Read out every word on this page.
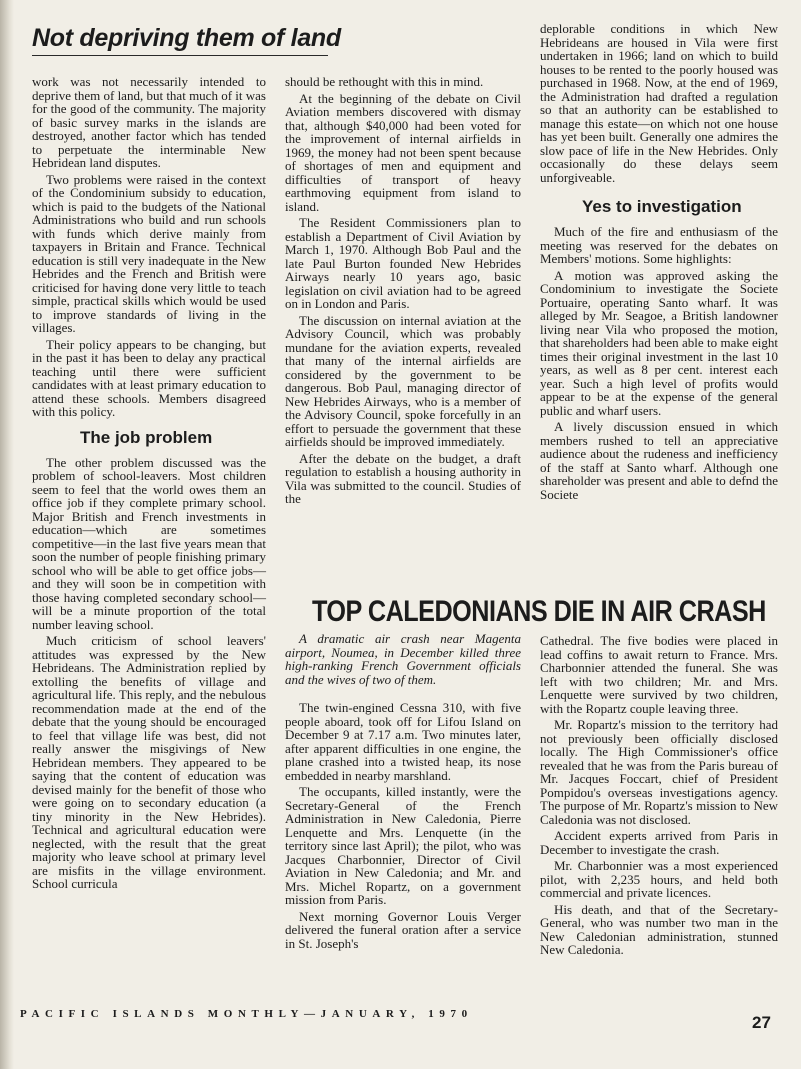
Not depriving them of land

work was not necessarily intended to deprive them of land, but that much of it was for the good of the community. The majority of basic survey marks in the islands are destroyed, another factor which has tended to perpetuate the interminable New Hebridean land disputes.

Two problems were raised in the context of the Condominium subsidy to education, which is paid to the budgets of the National Administrations who build and run schools with funds which derive mainly from taxpayers in Britain and France. Technical education is still very inadequate in the New Hebrides and the French and British were criticised for having done very little to teach simple, practical skills which would be used to improve standards of living in the villages.

Their policy appears to be changing, but in the past it has been to delay any practical teaching until there were sufficient candidates with at least primary education to attend these schools. Members disagreed with this policy.

The job problem

The other problem discussed was the problem of school-leavers. Most children seem to feel that the world owes them an office job if they complete primary school. Major British and French investments in education—which are sometimes competitive—in the last five years mean that soon the number of people finishing primary school who will be able to get office jobs—and they will soon be in competition with those having completed secondary school—will be a minute proportion of the total number leaving school.

Much criticism of school leavers' attitudes was expressed by the New Hebrideans. The Administration replied by extolling the benefits of village and agricultural life. This reply, and the nebulous recommendation made at the end of the debate that the young should be encouraged to feel that village life was best, did not really answer the misgivings of New Hebridean members. They appeared to be saying that the content of education was devised mainly for the benefit of those who were going on to secondary education (a tiny minority in the New Hebrides). Technical and agricultural education were neglected, with the result that the great majority who leave school at primary level are misfits in the village environment. School curricula

should be rethought with this in mind.

At the beginning of the debate on Civil Aviation members discovered with dismay that, although $40,000 had been voted for the improvement of internal airfields in 1969, the money had not been spent because of shortages of men and equipment and difficulties of transport of heavy earthmoving equipment from island to island.

The Resident Commissioners plan to establish a Department of Civil Aviation by March 1, 1970. Although Bob Paul and the late Paul Burton founded New Hebrides Airways nearly 10 years ago, basic legislation on civil aviation had to be agreed on in London and Paris.

The discussion on internal aviation at the Advisory Council, which was probably mundane for the aviation experts, revealed that many of the internal airfields are considered by the government to be dangerous. Bob Paul, managing director of New Hebrides Airways, who is a member of the Advisory Council, spoke forcefully in an effort to persuade the government that these airfields should be improved immediately.

After the debate on the budget, a draft regulation to establish a housing authority in Vila was submitted to the council. Studies of the

deplorable conditions in which New Hebrideans are housed in Vila were first undertaken in 1966; land on which to build houses to be rented to the poorly housed was purchased in 1968. Now, at the end of 1969, the Administration had drafted a regulation so that an authority can be established to manage this estate—on which not one house has yet been built. Generally one admires the slow pace of life in the New Hebrides. Only occasionally do these delays seem unforgiveable.

Yes to investigation

Much of the fire and enthusiasm of the meeting was reserved for the debates on Members' motions. Some highlights:

A motion was approved asking the Condominium to investigate the Societe Portuaire, operating Santo wharf. It was alleged by Mr. Seagoe, a British landowner living near Vila who proposed the motion, that shareholders had been able to make eight times their original investment in the last 10 years, as well as 8 per cent. interest each year. Such a high level of profits would appear to be at the expense of the general public and wharf users.

A lively discussion ensued in which members rushed to tell an appreciative audience about the rudeness and inefficiency of the staff at Santo wharf. Although one shareholder was present and able to defnd the Societe

TOP CALEDONIANS DIE IN AIR CRASH

A dramatic air crash near Magenta airport, Noumea, in December killed three high-ranking French Government officials and the wives of two of them.

The twin-engined Cessna 310, with five people aboard, took off for Lifou Island on December 9 at 7.17 a.m. Two minutes later, after apparent difficulties in one engine, the plane crashed into a twisted heap, its nose embedded in nearby marshland.

The occupants, killed instantly, were the Secretary-General of the French Administration in New Caledonia, Pierre Lenquette and Mrs. Lenquette (in the territory since last April); the pilot, who was Jacques Charbonnier, Director of Civil Aviation in New Caledonia; and Mr. and Mrs. Michel Ropartz, on a government mission from Paris.

Next morning Governor Louis Verger delivered the funeral oration after a service in St. Joseph's

Cathedral. The five bodies were placed in lead coffins to await return to France. Mrs. Charbonnier attended the funeral. She was left with two children; Mr. and Mrs. Lenquette were survived by two children, with the Ropartz couple leaving three.

Mr. Ropartz's mission to the territory had not previously been officially disclosed locally. The High Commissioner's office revealed that he was from the Paris bureau of Mr. Jacques Foccart, chief of President Pompidou's overseas investigations agency. The purpose of Mr. Ropartz's mission to New Caledonia was not disclosed.

Accident experts arrived from Paris in December to investigate the crash.

Mr. Charbonnier was a most experienced pilot, with 2,235 hours, and held both commercial and private licences.

His death, and that of the Secretary-General, who was number two man in the New Caledonian administration, stunned New Caledonia.

PACIFIC ISLANDS MONTHLY—JANUARY, 1970	27
